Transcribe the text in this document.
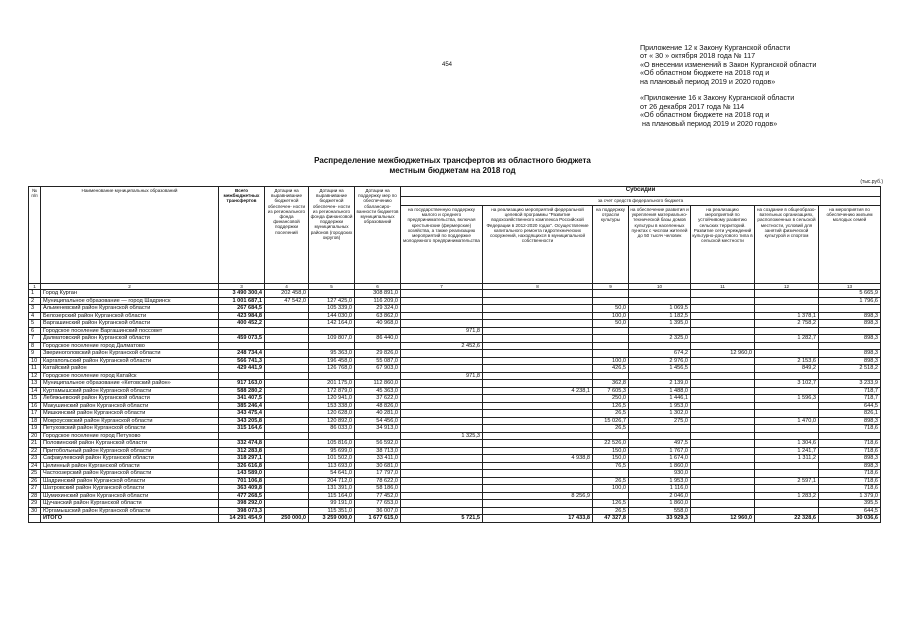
454
Приложение 12 к Закону Курганской области
от « 30 » октября 2018 года № 117
«О внесении изменений в Закон Курганской области
«Об областном бюджете на 2018 год и
на плановый период 2019 и 2020 годов»
«Приложение 16 к Закону Курганской области
от 26 декабря 2017 года № 114
«Об областном бюджете на 2018 год и
на плановый период 2019 и 2020 годов»
Распределение межбюджетных трансфертов из областного бюджета
местным бюджетам на 2018 год
(тыс.руб.)
№ п/п	Наименование муниципальных образований	Всего межбюджетных трансфертов	Дотации на выравнивание бюджетной обеспечен- ности из регионального фонда финансовой поддержки поселений	Дотации на выравнивание бюджетной обеспечен- ности из регионального фонда финансовой поддержки муниципальных районов (городских округов)	Дотации на поддержку мер по обеспечению сбалансиро- ванности бюджетов муниципальных образований	Субсидии						
						за счет средств федерального бюджета						
						на государственную поддержку малого и среднего предпринимательства, включая крестьянские (фермерские) хозяйства, а также реализацию мероприятий по поддержке молодежного предпринимательства	на реализацию мероприятий федеральной целевой программы "Развитие водохозяйственного комплекса Российской Федерации в 2012-2020 годах". Осуществление капитального ремонта гидротехнических сооружений, находящихся в муниципальной собственности	на поддержку отрасли культуры	на обеспечение развития и укрепления материально-технической базы домов культуры в населенных пунктах с числом жителей до 50 тысяч человек	на реализацию мероприятий по устойчивому развитию сельских территорий. Развитие сети учреждений культурно-досугового типа в сельской местности	на создание в общеобразо- вательных организациях, расположенных в сельской местности, условий для занятий физической культурой и спортом	на мероприятия по обеспечению жильем молодых семей
1	2	3	4	5	6	7	8	9	10	11	12	13
1	Город Курган	3 490 300,4	202 458,0		308 891,0							5 665,9
2	Муниципальное образование — город Шадринск	1 001 687,1	47 542,0	127 425,0	116 209,0							1 796,6
3	Альменевский район Курганской области	267 684,5		105 339,0	29 324,0			50,0	1 069,5			
4	Белозерский район Курганской области	423 984,8		144 030,0	63 862,0			100,0	1 182,5		1 378,1	898,3
5	Варгашинский район Курганской области	400 452,2		142 164,0	40 968,0			50,0	1 395,0		2 758,2	898,3
6	Городское поселение Варгашинский поссовет					971,8						
7	Далматовский район Курганской области	459 073,5		109 807,0	86 440,0				2 325,0		1 282,7	898,3
8	Городское поселение город Далматово					2 452,6						
9	Звериноголовский район Курганской области	248 734,4		95 363,0	29 826,0				674,2	12 960,0		898,3
10	Каргапольский район Курганской области	566 741,3		196 458,0	55 087,0			100,0	2 976,0		2 153,6	898,3
11	Катайский район	429 441,9		126 768,0	67 903,0			426,5	1 456,5		849,2	2 518,2
12	Городское поселение город Катайск					971,8						
13	Муниципальное образование «Кетовский район»	917 163,0		201 175,0	112 860,0			362,8	2 139,0		3 102,7	3 233,9
14	Куртамышский район Курганской области	588 280,2		172 879,0	45 363,0		4 238,1	7 605,3	1 488,0			718,7
15	Лебяжьевский район Курганской области	341 407,5		120 941,0	37 622,0			250,0	1 446,1		1 596,3	718,7
16	Макушинский район Курганской области	385 246,4		153 338,0	48 826,0			126,5	1 953,0			644,5
17	Мишкинский район Курганской области	343 475,4		120 628,0	40 281,0			26,5	1 302,0			826,1
18	Мокроусовский район Курганской области	343 205,8		120 892,0	54 456,0			15 026,7	275,0		1 470,0	898,3
19	Петуховский район Курганской области	315 164,6		86 033,0	34 913,0			26,5				718,6
20	Городское поселение город Петухово					1 325,3						
21	Половинский район Курганской области	332 474,8		105 816,0	56 592,0			22 526,0	497,5		1 304,6	718,6
22	Притобольный район Курганской области	312 283,8		95 699,0	38 713,0			150,0	1 767,0		1 241,7	718,6
23	Сафакулевский район Курганской области	318 297,1		101 502,0	33 411,0		4 938,8	150,0	1 674,0		1 311,2	898,3
24	Целинный район Курганской области	326 616,8		113 693,0	30 681,0			76,5	1 860,0			898,3
25	Частоозерский район Курганской области	143 589,0		54 641,0	17 797,0				930,0			718,6
26	Шадринский район Курганской области	701 106,8		204 712,0	78 622,0			26,5	1 953,0		2 597,1	718,6
27	Шатровский район Курганской области	363 409,8		131 391,0	58 186,0			100,0	1 116,0			718,6
28	Шумихинский район Курганской области	477 268,5		115 164,0	77 452,0		8 256,9		2 046,0		1 283,2	1 379,0
29	Щучанский район Курганской области	398 292,0		99 191,0	77 653,0			126,5	1 860,0			395,5
30	Юргамышский район Курганской области	398 073,3		115 351,0	36 007,0			26,5	558,0			644,5
	ИТОГО	14 291 454,9	250 000,0	3 259 000,0	1 677 615,0	5 721,5	17 433,8	47 327,8	33 929,3	12 960,0	22 328,6	30 036,6
